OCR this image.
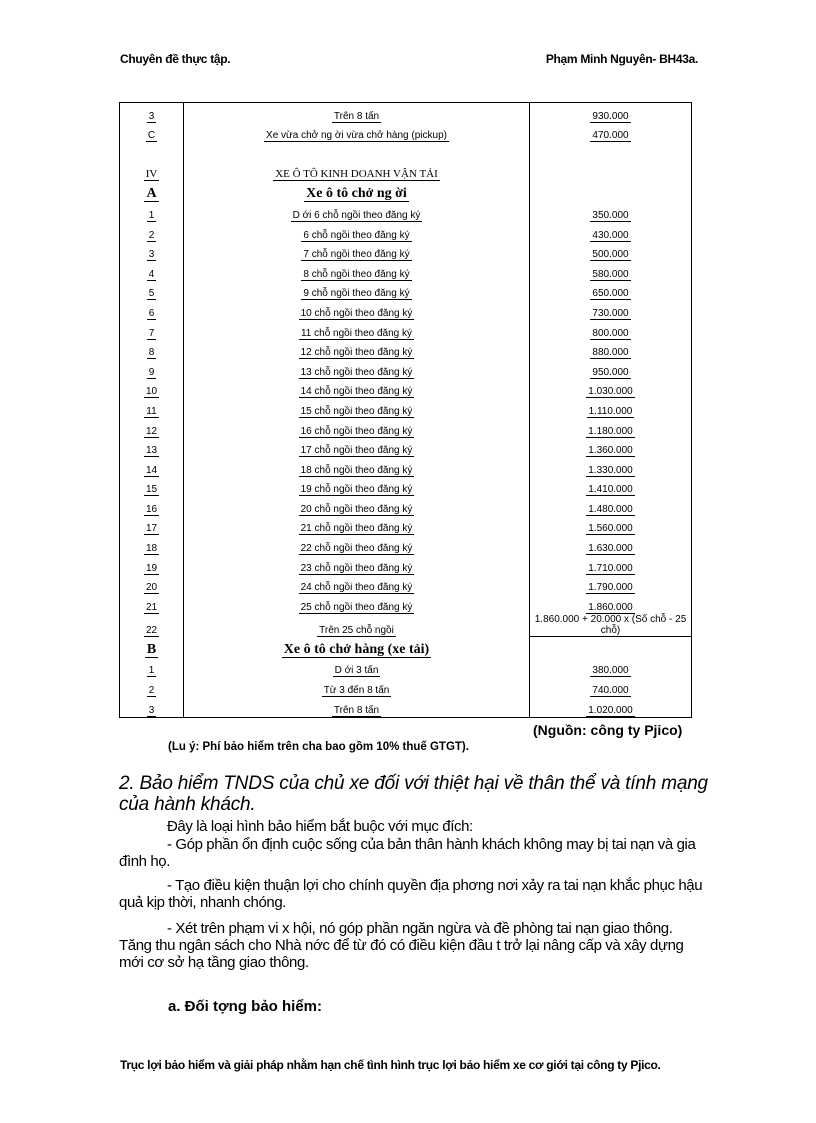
Chuyên đề thực tập.	Phạm Minh Nguyên- BH43a.
3	Trên 8 tấn	930.000
C	Xe vừa chở ng ời vừa chở hàng (pickup)	470.000

IV	XE Ô TÔ KINH DOANH VẬN TẢI	
A	Xe ô tô chở ng ời	
1	D ới 6 chỗ ngồi theo đăng ký	350.000
2	6 chỗ ngồi theo đăng ký	430.000
3	7 chỗ ngồi theo đăng ký	500.000
4	8 chỗ ngồi theo đăng ký	580.000
5	9 chỗ ngồi theo đăng ký	650.000
6	10 chỗ ngồi theo đăng ký	730.000
7	11 chỗ ngồi theo đăng ký	800.000
8	12 chỗ ngồi theo đăng ký	880.000
9	13 chỗ ngồi theo đăng ký	950.000
10	14 chỗ ngồi theo đăng ký	1.030.000
11	15 chỗ ngồi theo đăng ký	1.110.000
12	16 chỗ ngồi theo đăng ký	1.180.000
13	17 chỗ ngồi theo đăng ký	1.360.000
14	18 chỗ ngồi theo đăng ký	1.330.000
15	19 chỗ ngồi theo đăng ký	1.410.000
16	20 chỗ ngồi theo đăng ký	1.480.000
17	21 chỗ ngồi theo đăng ký	1.560.000
18	22 chỗ ngồi theo đăng ký	1.630.000
19	23 chỗ ngồi theo đăng ký	1.710.000
20	24 chỗ ngồi theo đăng ký	1.790.000
21	25 chỗ ngồi theo đăng ký	1.860.000
22	Trên 25 chỗ ngồi	1.860.000 + 20.000 x (Số chỗ - 25 chỗ)
B	Xe ô tô chở hàng (xe tải)	
1	D ới 3 tấn	380.000
2	Từ 3 đến 8 tấn	740.000
3	Trên 8 tấn	1.020.000
(Nguồn: công ty Pjico)
(Lu ý: Phí bảo hiểm trên cha bao gồm 10% thuế GTGT).
2. Bảo hiểm TNDS của chủ xe đối với thiệt hại về thân thể và tính mạng của hành khách.
Đây là loại hình bảo hiểm bắt buộc với mục đích:
- Góp phần ổn định cuộc sống của bản thân hành khách không may bị tai nạn và gia đình họ.
- Tạo điều kiện thuận lợi cho chính quyền địa phơng nơi xảy ra tai nạn khắc phục hậu quả kịp thời, nhanh chóng.
- Xét trên phạm vi x hội, nó góp phần ngăn ngừa và đề phòng tai nạn giao thông. Tăng thu ngân sách cho Nhà nớc để từ đó có điều kiện đầu t trở lại nâng cấp và xây dựng mới cơ sở hạ tầng giao thông.
a. Đối tợng bảo hiểm:
Trục lợi bảo hiểm và giải pháp nhằm hạn chế tình hình trục lợi bảo hiểm xe cơ giới tại công ty Pjico.
